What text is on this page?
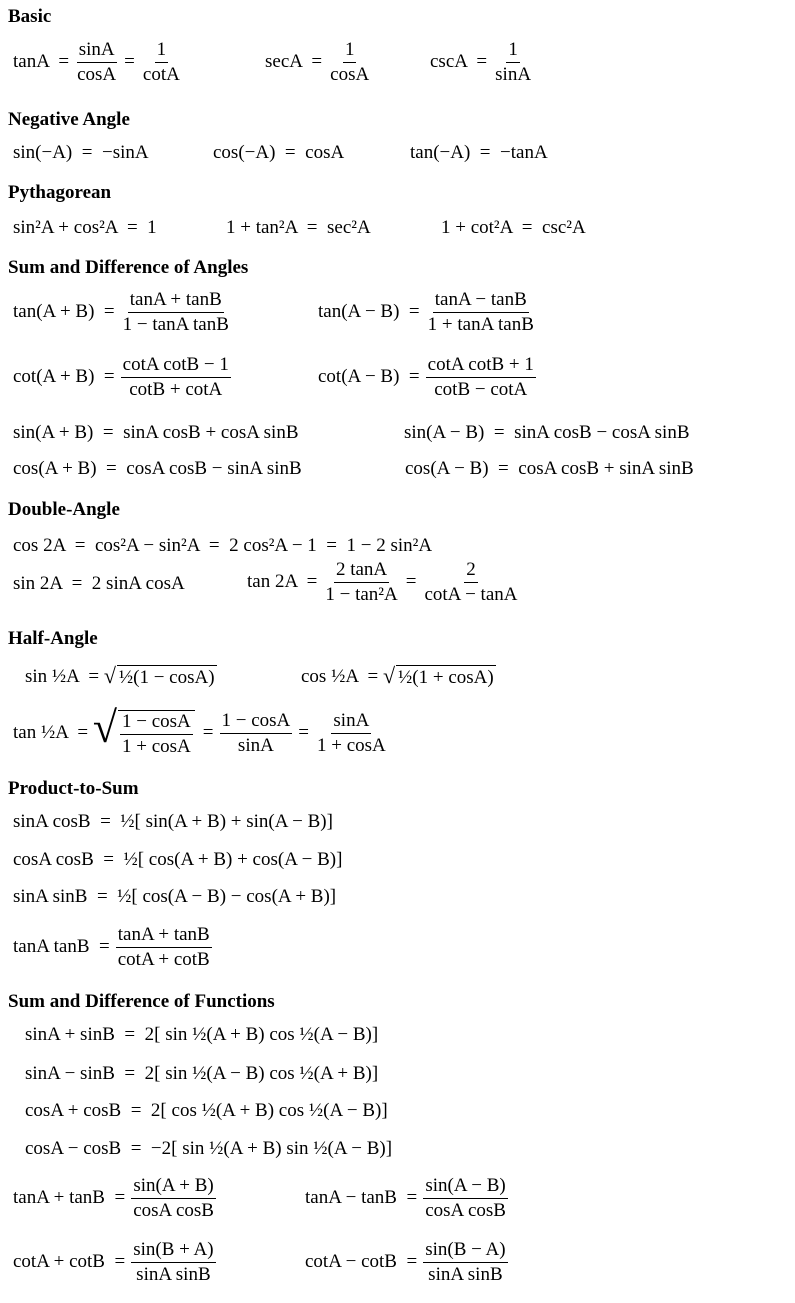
Basic
$\tan A = \frac{\sin A}{\cos A} = \frac{1}{\cot A}$	$\sec A = \frac{1}{\cos A}$	$\csc A = \frac{1}{\sin A}$
Negative Angle
sin(−A)  =  −sinA	cos(−A)  =  cosA	tan(−A)  =  −tanA
Pythagorean
sin²A + cos²A  =  1	1 + tan²A  =  sec²A	1 + cot²A  =  csc²A
Sum and Difference of Angles
$\tan(A + B) = \frac{\tan A + \tan B}{\text{1 − tanA tanB}}$	$\tan(A - B) = \frac{\tan A - \tan B}{\text{1 + tanA tanB}}$
$\cot(A + B) = \frac{\text{cotA cotB − 1}}{\cot B + \cot A}$	$\cot(A - B) = \frac{\text{cotA cotB + 1}}{\cot B - \cot A}$
sin(A + B)  =  sinA cosB + cosA sinB	sin(A − B)  =  sinA cosB − cosA sinB
cos(A + B)  =  cosA cosB − sinA sinB	cos(A − B)  =  cosA cosB + sinA sinB
Double-Angle
cos 2A  =  cos²A − sin²A  =  2 cos²A − 1  =  1 − 2 sin²A
sin 2A  =  2 sinA cosA	$\tan 2A = \frac{2 \tan A}{\text{1 − tan²A}} = \frac{2}{\cot A - \tan A}$
Half-Angle
sin ½A  =
√ ½(1 − cosA)	cos ½A  =
√ ½(1 + cosA)
tan ½A  =
√ $\frac{1 - \cos A}{1 + \cos A} = \frac{1 - \cos A}{\sin A} = \frac{\sin A}{1 + \cos A}$
Product-to-Sum
sinA cosB  =  ½[ sin(A + B) + sin(A − B)]
cosA cosB  =  ½[ cos(A + B) + cos(A − B)]
sinA sinB  =  ½[ cos(A − B) − cos(A + B)]
tanA $\tan B = \frac{\tan A + \tan B}{\cot A + \cot B}$
Sum and Difference of Functions
sinA + sinB  =  2[ sin ½(A + B) cos ½(A − B)]
sinA − sinB  =  2[ sin ½(A − B) cos ½(A + B)]
cosA + cosB  =  2[ cos ½(A + B) cos ½(A − B)]
cosA − cosB  =  −2[ sin ½(A + B) sin ½(A − B)]
$\tan A + \tan B = \frac{\sin(A + B)}{\text{cosA cosB}}$	$\tan A - \tan B = \frac{\sin(A - B)}{\text{cosA cosB}}$
$\cot A + \cot B = \frac{\sin(B + A)}{\text{sinA sinB}}$	$\cot A - \cot B = \frac{\sin(B - A)}{\text{sinA sinB}}$
